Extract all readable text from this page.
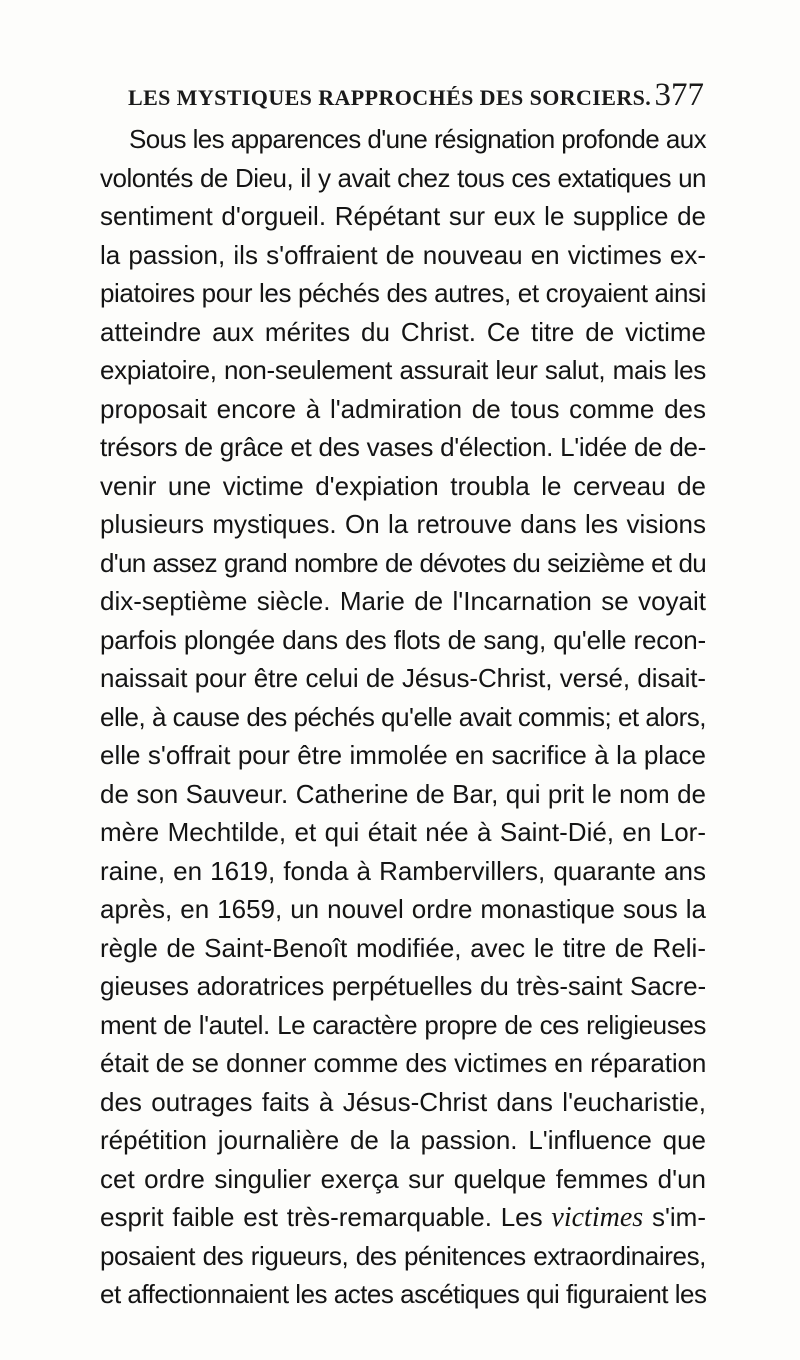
LES MYSTIQUES RAPPROCHÉS DES SORCIERS. 377
Sous les apparences d'une résignation profonde aux
volontés de Dieu, il y avait chez tous ces extatiques un
sentiment d'orgueil. Répétant sur eux le supplice de
la passion, ils s'offraient de nouveau en victimes ex-
piatoires pour les péchés des autres, et croyaient ainsi
atteindre aux mérites du Christ. Ce titre de victime
expiatoire, non-seulement assurait leur salut, mais les
proposait encore à l'admiration de tous comme des
trésors de grâce et des vases d'élection. L'idée de de-
venir une victime d'expiation troubla le cerveau de
plusieurs mystiques. On la retrouve dans les visions
d'un assez grand nombre de dévotes du seizième et du
dix-septième siècle. Marie de l'Incarnation se voyait
parfois plongée dans des flots de sang, qu'elle recon-
naissait pour être celui de Jésus-Christ, versé, disait-
elle, à cause des péchés qu'elle avait commis; et alors,
elle s'offrait pour être immolée en sacrifice à la place
de son Sauveur. Catherine de Bar, qui prit le nom de
mère Mechtilde, et qui était née à Saint-Dié, en Lor-
raine, en 1619, fonda à Rambervillers, quarante ans
après, en 1659, un nouvel ordre monastique sous la
règle de Saint-Benoît modifiée, avec le titre de Reli-
gieuses adoratrices perpétuelles du très-saint Sacre-
ment de l'autel. Le caractère propre de ces religieuses
était de se donner comme des victimes en réparation
des outrages faits à Jésus-Christ dans l'eucharistie,
répétition journalière de la passion. L'influence que
cet ordre singulier exerça sur quelque femmes d'un
esprit faible est très-remarquable. Les victimes s'im-
posaient des rigueurs, des pénitences extraordinaires,
et affectionnaient les actes ascétiques qui figuraient les
